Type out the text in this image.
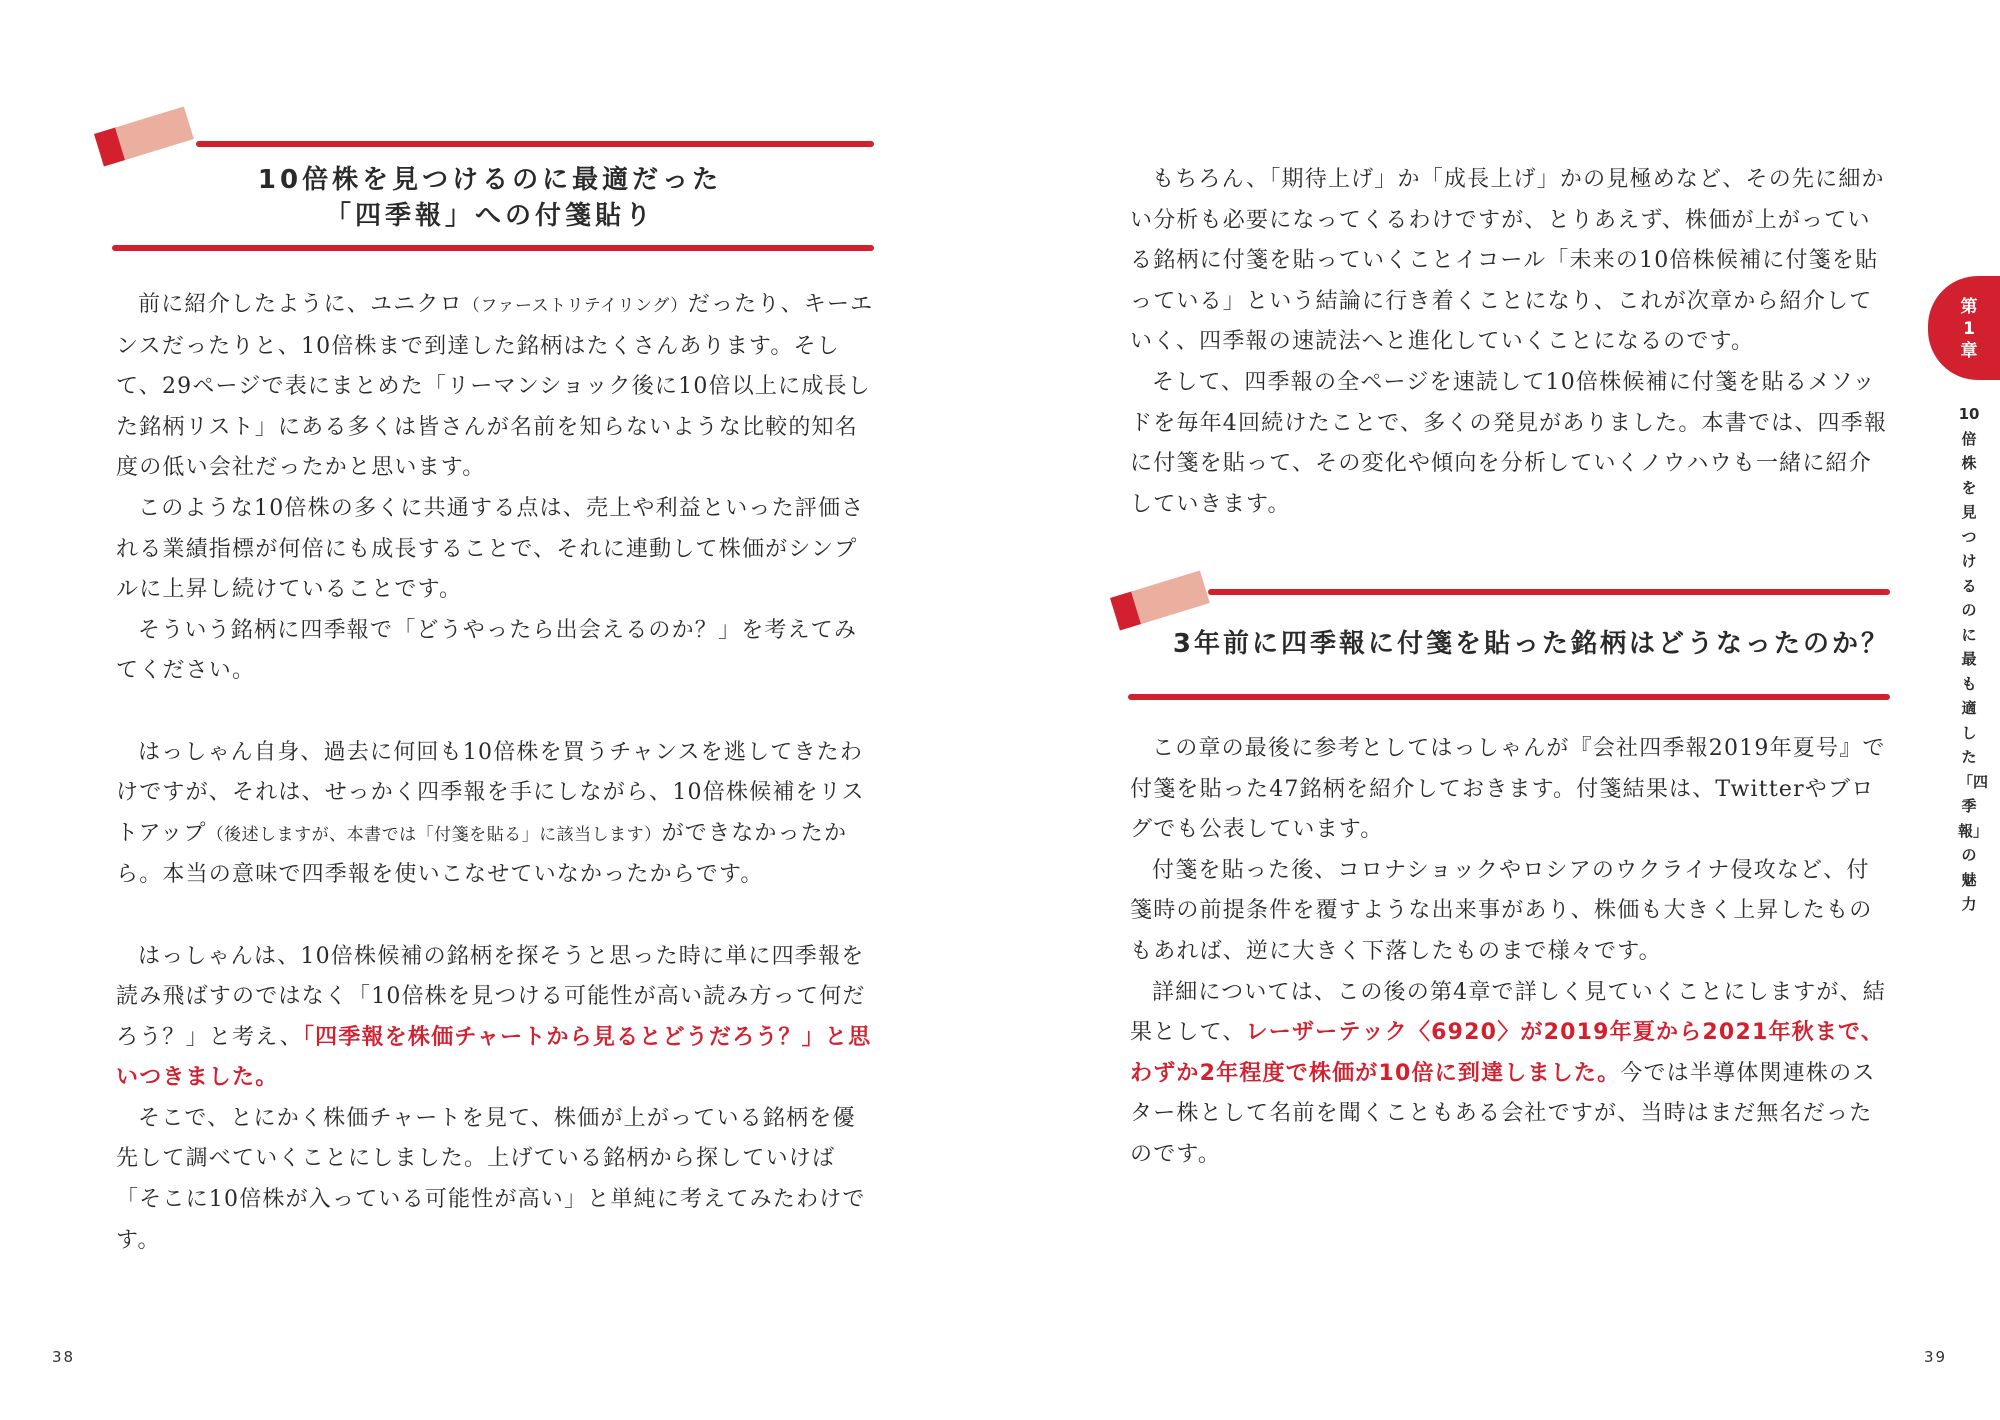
10倍株を見つけるのに最適だった
「四季報」への付箋貼り

前に紹介したように、ユニクロ（ファーストリテイリング）だったり、キーエンスだったりと、10倍株まで到達した銘柄はたくさんあります。そして、29ページで表にまとめた「リーマンショック後に10倍以上に成長した銘柄リスト」にある多くは皆さんが名前を知らないような比較的知名度の低い会社だったかと思います。

このような10倍株の多くに共通する点は、売上や利益といった評価される業績指標が何倍にも成長することで、それに連動して株価がシンプルに上昇し続けていることです。

そういう銘柄に四季報で「どうやったら出会えるのか？」を考えてみてください。

はっしゃん自身、過去に何回も10倍株を買うチャンスを逃してきたわけですが、それは、せっかく四季報を手にしながら、10倍株候補をリストアップ（後述しますが、本書では「付箋を貼る」に該当します）ができなかったから。本当の意味で四季報を使いこなせていなかったからです。

はっしゃんは、10倍株候補の銘柄を探そうと思った時に単に四季報を読み飛ばすのではなく「10倍株を見つける可能性が高い読み方って何だろう？」と考え、「四季報を株価チャートから見るとどうだろう？」と思いつきました。

そこで、とにかく株価チャートを見て、株価が上がっている銘柄を優先して調べていくことにしました。上げている銘柄から探していけば「そこに10倍株が入っている可能性が高い」と単純に考えてみたわけです。

38

もちろん、「期待上げ」か「成長上げ」かの見極めなど、その先に細かい分析も必要になってくるわけですが、とりあえず、株価が上がっている銘柄に付箋を貼っていくことイコール「未来の10倍株候補に付箋を貼っている」という結論に行き着くことになり、これが次章から紹介していく、四季報の速読法へと進化していくことになるのです。

そして、四季報の全ページを速読して10倍株候補に付箋を貼るメソッドを毎年4回続けたことで、多くの発見がありました。本書では、四季報に付箋を貼って、その変化や傾向を分析していくノウハウも一緒に紹介していきます。

3年前に四季報に付箋を貼った銘柄はどうなったのか？

この章の最後に参考としてはっしゃんが『会社四季報2019年夏号』で付箋を貼った47銘柄を紹介しておきます。付箋結果は、Twitterやブログでも公表しています。

付箋を貼った後、コロナショックやロシアのウクライナ侵攻など、付箋時の前提条件を覆すような出来事があり、株価も大きく上昇したものもあれば、逆に大きく下落したものまで様々です。

詳細については、この後の第4章で詳しく見ていくことにしますが、結果として、レーザーテック〈6920〉が2019年夏から2021年秋まで、わずか2年程度で株価が10倍に到達しました。今では半導体関連株のスター株として名前を聞くこともある会社ですが、当時はまだ無名だったのです。

39
第
1
章
10倍株を見つけるのに最も適した「四季報」の魅力
